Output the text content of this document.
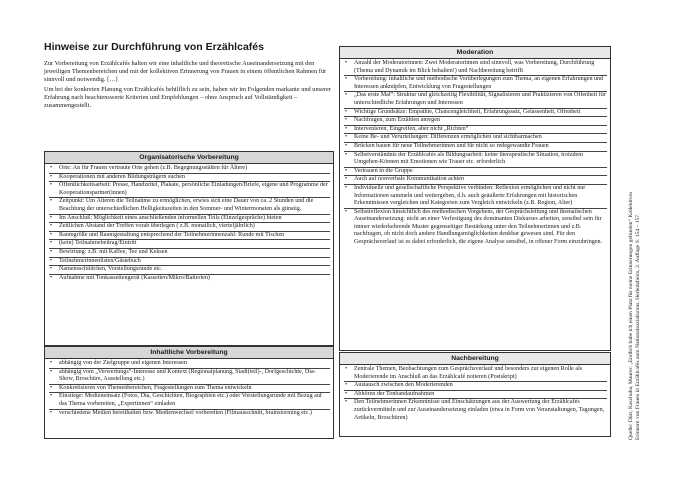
Hinweise zur Durchführung von Erzählcafés

Zur Vorbereitung von Erzählcafés halten wir eine inhaltliche und theoretische Auseinandersetzung mit den jeweiligen Themenbereichen und mit der kollektiven Erinnerung von Frauen in einem öffentlichen Rahmen für sinnvoll und notwendig. […]

Um bei der konkreten Planung von Erzählcafés behilflich zu sein, haben wir im Folgenden markante und unserer Erfahrung nach beachtenswerte Kriterien und Empfehlungen – ohne Anspruch auf Vollständigkeit – zusammengestellt.

Organisatorische Vorbereitung
• Orte: An für Frauen vertraute Orte gehen (z.B. Begegnungsstätten für Ältere)
• Kooperationen mit anderen Bildungsträgern suchen
• Öffentlichkeitsarbeit: Presse, Handzettel, Plakate, persönliche Einladungen/Briefe, eigene und Programme der Kooperationspartner(innen)
• Zeitpunkt: Um Älteren die Teilnahme zu ermöglichen, erwies sich eine Dauer von ca. 2 Stunden und die Beachtung der unterschiedlichen Helligkeitszeiten in den Sommer- und Wintermonaten als günstig.
• Im Anschluß: Möglichkeit eines anschließenden informellen Teils (Einzelgespräche) bieten
• Zeitlichen Abstand der Treffen vorab überlegen ( z.B. monatlich, vierteljährlich)
• Raumgröße und Raumgestaltung entsprechend der Teilnehmerinnenzahl: Runde mit Tischen
• (kein) Teilnahmebeitrag/Eintritt
• Bewirtung: z.B. mit Kaffee, Tee und Keksen
• Teilnehmerinnenlisten/Gästebuch
• Namensschildchen, Vorstellungsrunde etc.
• Aufnahme mit Tonkassettengerät (Kassetten/Mikro/Batterien)
Inhaltliche Vorbereitung
• abhängig von der Zielgruppe und eigenen Interessen
• abhängig vom „Verwertungs“-Interesse und Kontext (Regionalplanung, Stadt(teil)-, Dorfgeschichte, Dia-Show, Broschüre, Ausstellung etc.)
• Konkretisieren von Themenbereichen, Fragestellungen zum Thema entwickeln
• Einstiege: Medieneinsatz (Fotos, Dia, Geschichten, Biographien etc.) oder Vorstellungsrunde mit Bezug auf das Thema vorbereiten, „Expertinnen“ einladen
• verschiedene Medien bereithalten bzw. Medienwechsel vorbereiten (Filmausschnitt, brainstorming etc.)
Moderation
• Anzahl der Moderatorinnen: Zwei Moderatorinnen sind sinnvoll, was Vorbereitung, Durchführung (Thema und Dynamik im Blick behalten!) und Nachbereitung betrifft
• Vorbereitung: inhaltliche und methodische Vorüberlegungen zum Thema, an eigenen Erfahrungen und Interessen anknüpfen, Entwicklung von Fragestellungen
• „Das erste Mal“: Struktur und gleichzeitig Flexibilität, Signalisieren und Praktizieren von Offenheit für unterschiedliche Erfahrungen und Interessen
• Wichtige Grundsätze: Empathie, Chancengleichheit, Erfahrungssatz, Gelassenheit, Offenheit
• Nachfragen, zum Erzählen anregen
• Intervenieren, Eingreifen, aber nicht „Richten“
• Keine Be- und Verurteilungen: Differenzen ermöglichen und sichtbarmachen
• Brücken bauen für neue Teilnehmerinnen und für nicht so redegewandte Frauen
• Selbstverständnis der Erzählcafés als Bildungsarbeit: keine therapeutische Situation, trotzdem Umgehen-Können mit Emotionen wie Trauer etc. erforderlich
• Vertrauen in die Gruppe
• Auch auf nonverbale Kommunikation achten
• Individuelle und gesellschaftliche Perspektive verbinden: Reflexion ermöglichen und nicht nur Informationen sammeln und weitergeben, d.h. auch geäußerte Erfahrungen mit historischen Erkenntnissen vergleichen und Kategorien zum Vergleich entwickeln (z.B. Region, Alter)
• Selbstreflexion hinsichtlich des methodischen Vorgehens, der Gesprächsleitung und thematischen Auseinandersetzung: nicht an einer Verfestigung des dominanten Diskurses arbeiten, sensibel sein für immer wiederkehrende Muster gegenseitiger Bestärkung unter den Teilnehmerinnen und z.B. nachfragen, ob nicht doch andere Handlungsmöglichkeiten denkbar gewesen sind. Für den Gesprächsverlauf ist es dabei erforderlich, die eigene Analyse sensibel, in offener Form einzubringen.
Nachbereitung
• Zentrale Themen, Beobachtungen zum Gesprächsverlauf und besonders zur eigenen Rolle als Moderierende im Anschluß an das Erzählcafé notieren (Postskript)
• Austausch zwischen den Moderierenden
• Abhören der Tonbandaufnahmen
• Den Teilnehmerinnen Erkenntnisse und Einschätzungen aus der Auswertung der Erzählcafés zurückvermitteln und zur Auseinandersetzung einladen (etwa in Form von Veranstaltungen, Tagungen, Artikeln, Broschüren)	Quelle: Dürr, Kaschuba, Maurer: „Endlich habe ich einen Platz für meine Erinnerungen gefunden“ Kollektives Erinnern von Frauen in Erzählcafés zum Nationalsozialismus. Herbolzheim, 2. Auflage S. 154 – 157.
